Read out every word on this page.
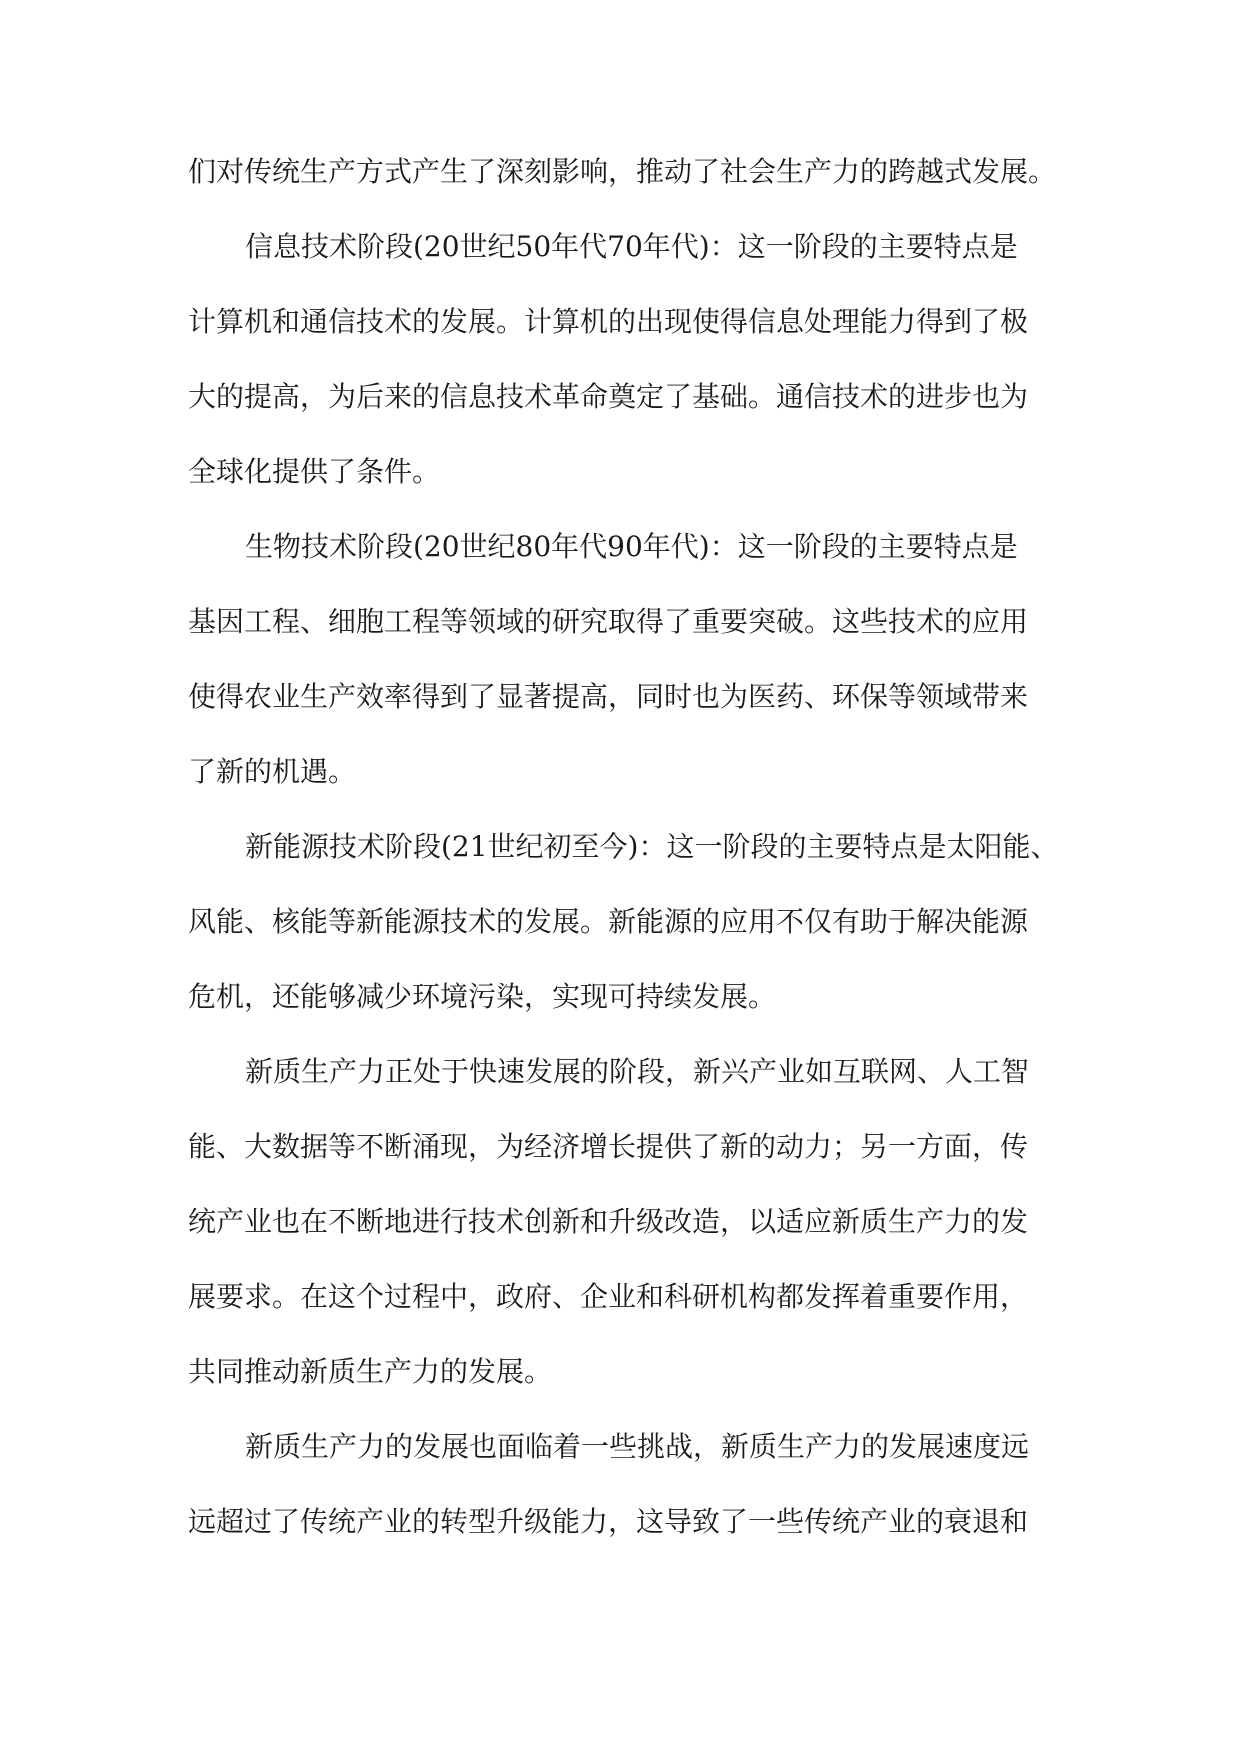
们对传统生产方式产生了深刻影响，推动了社会生产力的跨越式发展。
信息技术阶段(20世纪50年代70年代)：这一阶段的主要特点是
计算机和通信技术的发展。计算机的出现使得信息处理能力得到了极
大的提高，为后来的信息技术革命奠定了基础。通信技术的进步也为
全球化提供了条件。
生物技术阶段(20世纪80年代90年代)：这一阶段的主要特点是
基因工程、细胞工程等领域的研究取得了重要突破。这些技术的应用
使得农业生产效率得到了显著提高，同时也为医药、环保等领域带来
了新的机遇。
新能源技术阶段(21世纪初至今)：这一阶段的主要特点是太阳能、
风能、核能等新能源技术的发展。新能源的应用不仅有助于解决能源
危机，还能够减少环境污染，实现可持续发展。
新质生产力正处于快速发展的阶段，新兴产业如互联网、人工智
能、大数据等不断涌现，为经济增长提供了新的动力；另一方面，传
统产业也在不断地进行技术创新和升级改造，以适应新质生产力的发
展要求。在这个过程中，政府、企业和科研机构都发挥着重要作用，
共同推动新质生产力的发展。
新质生产力的发展也面临着一些挑战，新质生产力的发展速度远
远超过了传统产业的转型升级能力，这导致了一些传统产业的衰退和
